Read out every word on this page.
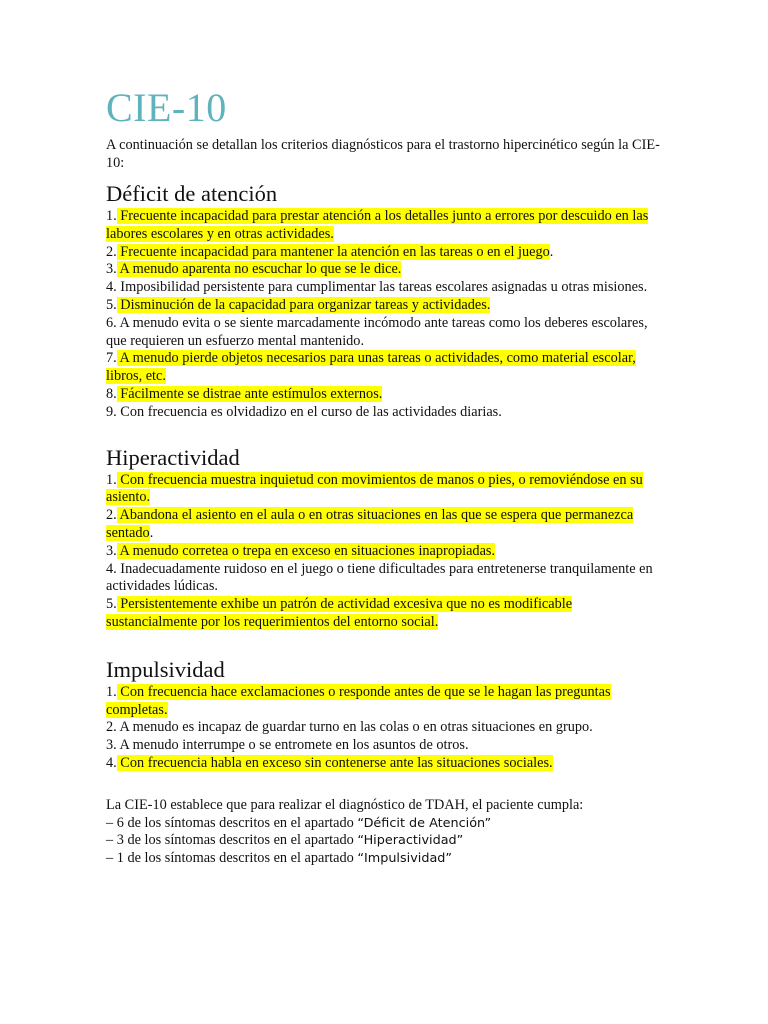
CIE-10

A continuación se detallan los criterios diagnósticos para el trastorno hipercinético según la CIE-10:

Déficit de atención
1. Frecuente incapacidad para prestar atención a los detalles junto a errores por descuido en las labores escolares y en otras actividades.
2. Frecuente incapacidad para mantener la atención en las tareas o en el juego.
3. A menudo aparenta no escuchar lo que se le dice.
4. Imposibilidad persistente para cumplimentar las tareas escolares asignadas u otras misiones.
5. Disminución de la capacidad para organizar tareas y actividades.
6. A menudo evita o se siente marcadamente incómodo ante tareas como los deberes escolares, que requieren un esfuerzo mental mantenido.
7. A menudo pierde objetos necesarios para unas tareas o actividades, como material escolar, libros, etc.
8. Fácilmente se distrae ante estímulos externos.
9. Con frecuencia es olvidadizo en el curso de las actividades diarias.
Hiperactividad
1. Con frecuencia muestra inquietud con movimientos de manos o pies, o removiéndose en su asiento.
2. Abandona el asiento en el aula o en otras situaciones en las que se espera que permanezca sentado.
3. A menudo corretea o trepa en exceso en situaciones inapropiadas.
4. Inadecuadamente ruidoso en el juego o tiene dificultades para entretenerse tranquilamente en actividades lúdicas.
5. Persistentemente exhibe un patrón de actividad excesiva que no es modificable sustancialmente por los requerimientos del entorno social.
Impulsividad
1. Con frecuencia hace exclamaciones o responde antes de que se le hagan las preguntas completas.
2. A menudo es incapaz de guardar turno en las colas o en otras situaciones en grupo.
3. A menudo interrumpe o se entromete en los asuntos de otros.
4. Con frecuencia habla en exceso sin contenerse ante las situaciones sociales.

La CIE-10 establece que para realizar el diagnóstico de TDAH, el paciente cumpla:

– 6 de los síntomas descritos en el apartado “Déficit de Atención”

– 3 de los síntomas descritos en el apartado “Hiperactividad”

– 1 de los síntomas descritos en el apartado “Impulsividad”
